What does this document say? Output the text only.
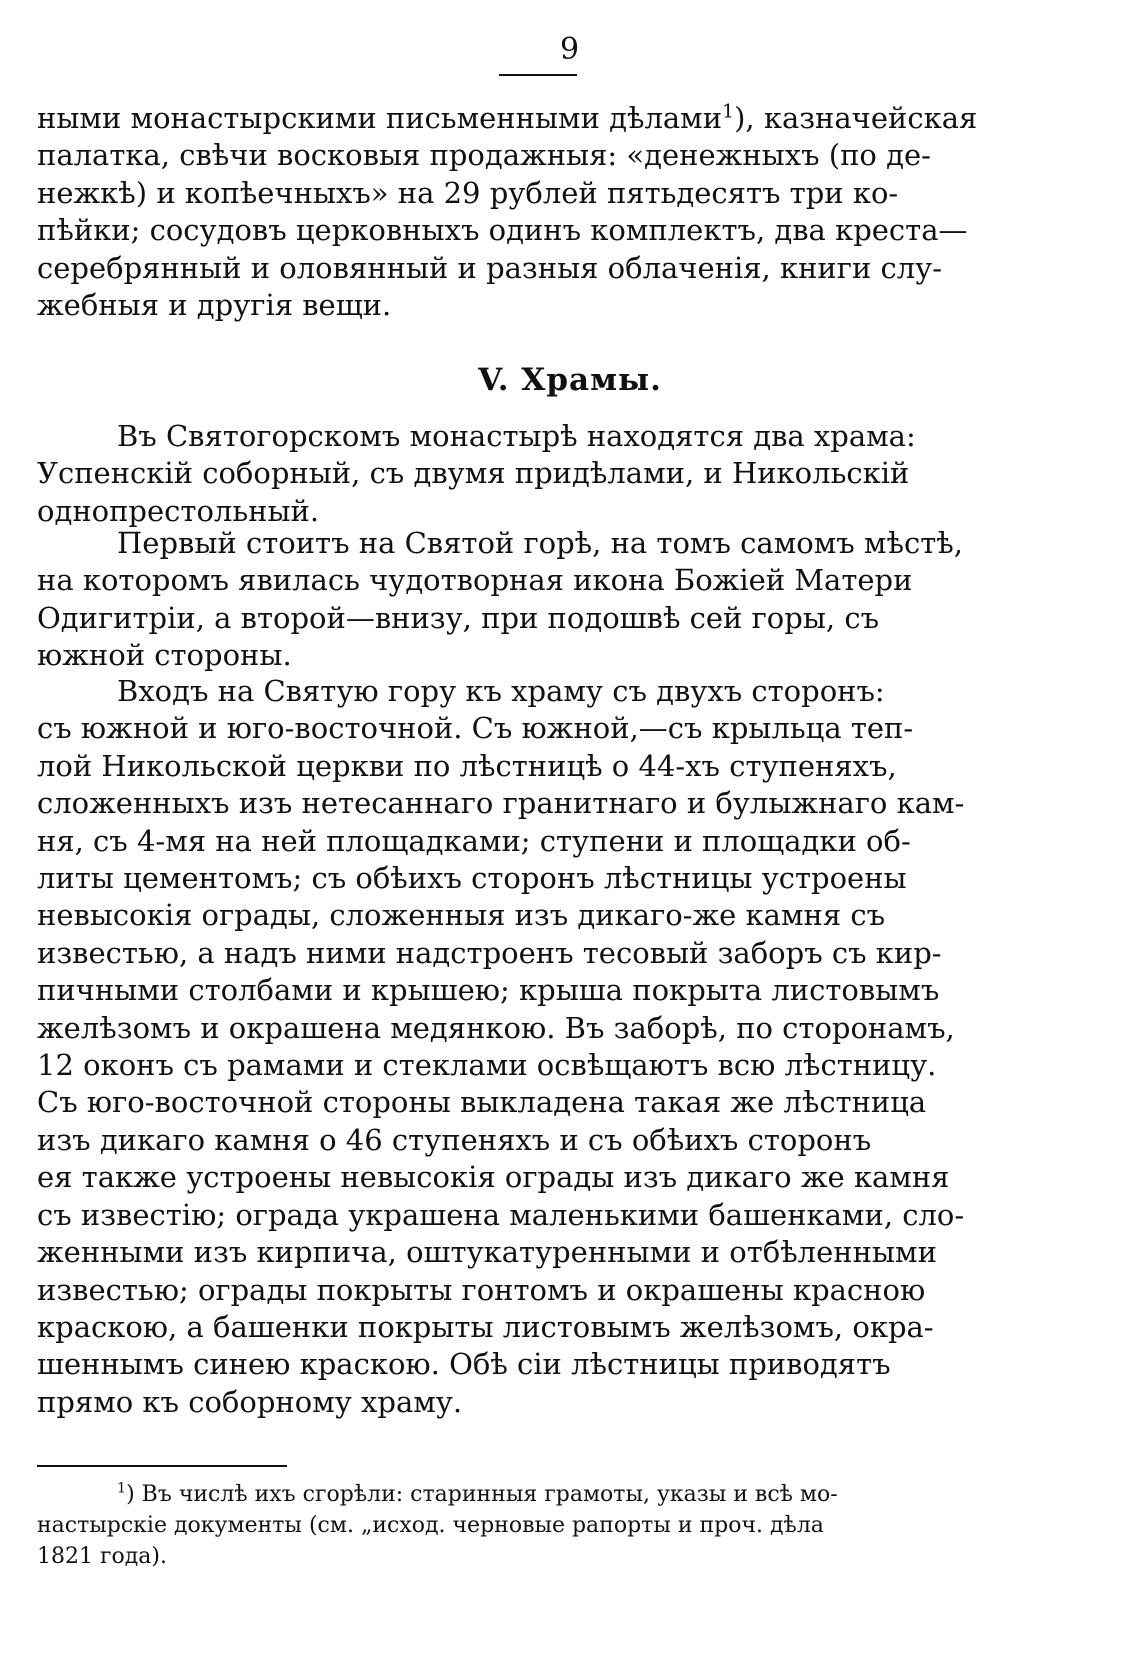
9
ными монастырскими письменными дѣлами$^1$), казначейская
палатка, свѣчи восковыя продажныя: «денежныхъ (по де-
нежкѣ) и копѣечныхъ» на 29 рублей пятьдесятъ три ко-
пѣйки; сосудовъ церковныхъ одинъ комплектъ, два креста—
серебрянный и оловянный и разныя облаченія, книги слу-
жебныя и другія вещи.
V. Храмы.
Въ Святогорскомъ монастырѣ находятся два храма:
Успенскій соборный, съ двумя придѣлами, и Никольскій
однопрестольный.
Первый стоитъ на Святой горѣ, на томъ самомъ мѣстѣ,
на которомъ явилась чудотворная икона Божіей Матери
Одигитріи, а второй—внизу, при подошвѣ сей горы, съ
южной стороны.
Входъ на Святую гору къ храму съ двухъ сторонъ:
съ южной и юго-восточной. Съ южной,—съ крыльца теп-
лой Никольской церкви по лѣстницѣ о 44-хъ ступеняхъ,
сложенныхъ изъ нетесаннаго гранитнаго и булыжнаго кам-
ня, съ 4-мя на ней площадками; ступени и площадки об-
литы цементомъ; съ обѣихъ сторонъ лѣстницы устроены
невысокія ограды, сложенныя изъ дикаго-же камня съ
известью, а надъ ними надстроенъ тесовый заборъ съ кир-
пичными столбами и крышею; крыша покрыта листовымъ
желѣзомъ и окрашена медянкою. Въ заборѣ, по сторонамъ,
12 оконъ съ рамами и стеклами освѣщаютъ всю лѣстницу.
Съ юго-восточной стороны выкладена такая же лѣстница
изъ дикаго камня о 46 ступеняхъ и съ обѣихъ сторонъ
ея также устроены невысокія ограды изъ дикаго же камня
съ известію; ограда украшена маленькими башенками, сло-
женными изъ кирпича, оштукатуренными и отбѣленными
известью; ограды покрыты гонтомъ и окрашены красною
краскою, а башенки покрыты листовымъ желѣзомъ, окра-
шеннымъ синею краскою. Обѣ сіи лѣстницы приводятъ
прямо къ соборному храму.
$^1$) Въ числѣ ихъ сгорѣли: старинныя грамоты, указы и всѣ мо-
настырскіе документы (см. „исход. черновые рапорты и проч. дѣла
1821 года).
